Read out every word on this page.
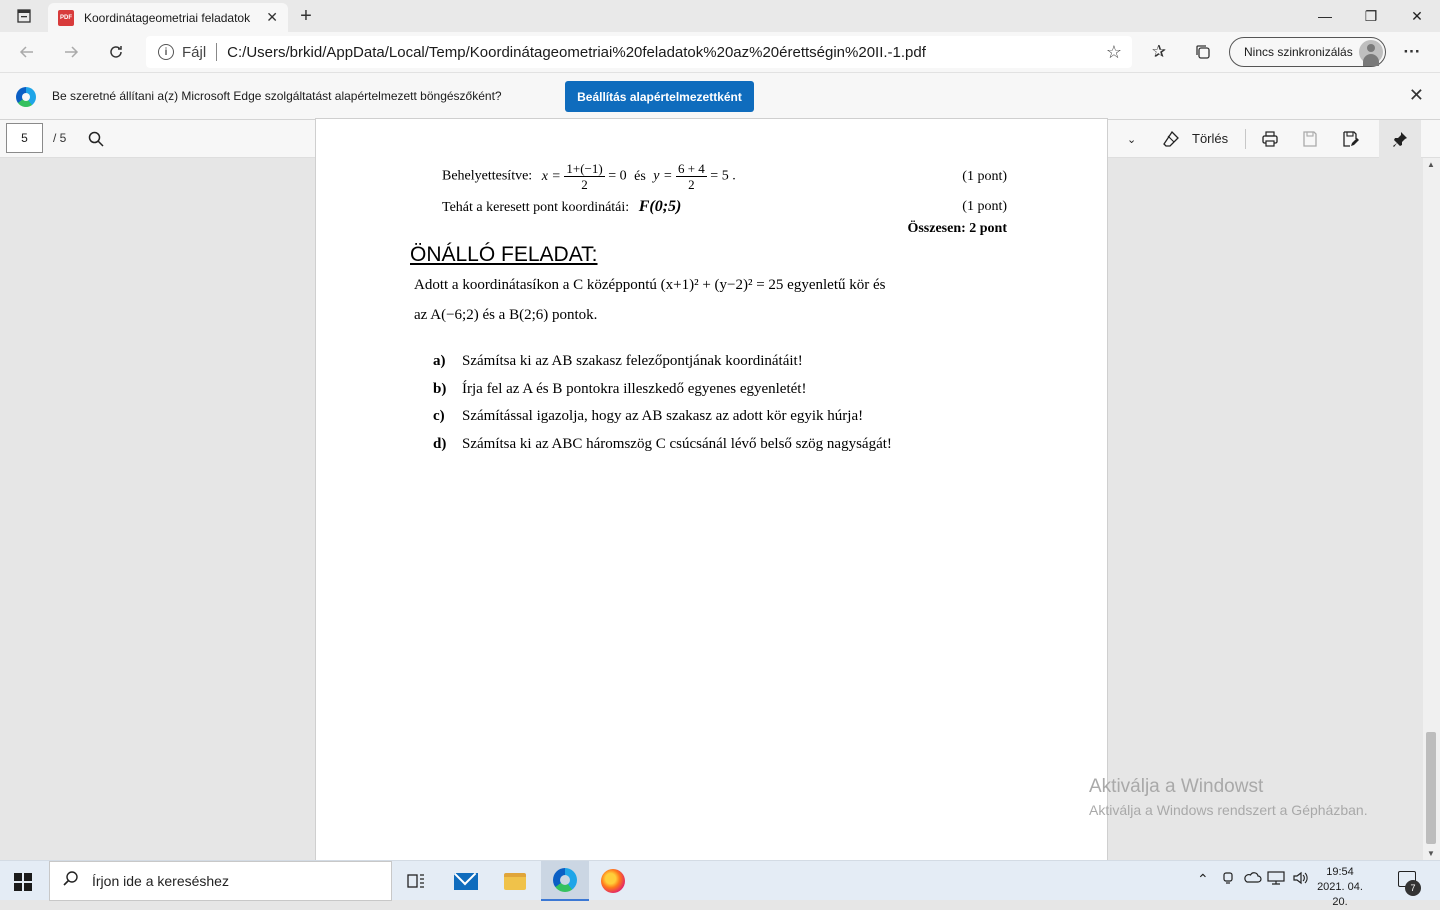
PDF Koordinátageometriai feladatok	✕	+	—	❐	✕
i Fájl C:/Users/brkid/AppData/Local/Temp/Koordinátageometriai%20feladatok%20az%20érettségin%20II.-1.pdf	☆ ✰	Nincs szinkronizálás	···
Be szeretné állítani a(z) Microsoft Edge szolgáltatást alapértelmezett böngészőként?	Beállítás alapértelmezettként	✕
5	/ 5	⌄	Törlés
Behelyettesítve: $x = \frac{1+(-1)}{2} = 0$ és $y = \frac{6 + 4}{2} = 5$ .	(1 pont)
Tehát a keresett pont koordinátái: F(0;5)	(1 pont)
Összesen: 2 pont
ÖNÁLLÓ FELADAT:
Adott a koordinátasíkon a C középpontú (x+1)² + (y−2)² = 25 egyenletű kör és
az A(−6;2) és a B(2;6) pontok.
a)	Számítsa ki az AB szakasz felezőpontjának koordinátáit!
b)	Írja fel az A és B pontokra illeszkedő egyenes egyenletét!
c)	Számítással igazolja, hogy az AB szakasz az adott kör egyik húrja!
d)	Számítsa ki az ABC háromszög C csúcsánál lévő belső szög nagyságát!
Aktiválja a Windowst
Aktiválja a Windows rendszert a Gépházban.
▲
▼
Írjon ide a kereséshez	⌃	19:54
2021. 04. 20.
7
